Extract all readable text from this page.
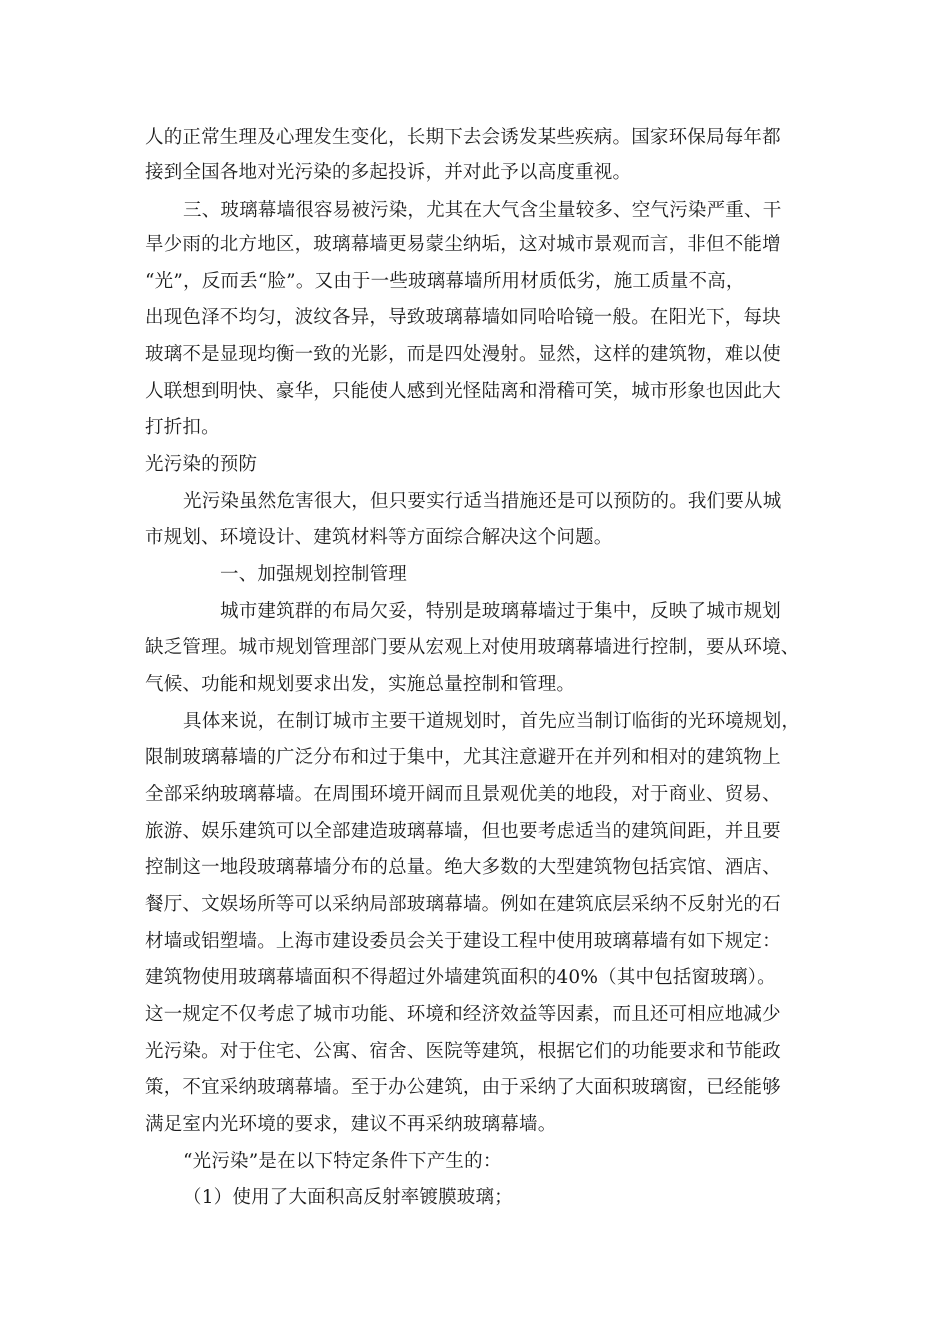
人的正常生理及心理发生变化，长期下去会诱发某些疾病。国家环保局每年都
接到全国各地对光污染的多起投诉，并对此予以高度重视。
三、玻璃幕墙很容易被污染，尤其在大气含尘量较多、空气污染严重、干
旱少雨的北方地区，玻璃幕墙更易蒙尘纳垢，这对城市景观而言，非但不能增
“光”，反而丢“脸”。又由于一些玻璃幕墙所用材质低劣，施工质量不高，
出现色泽不均匀，波纹各异，导致玻璃幕墙如同哈哈镜一般。在阳光下，每块
玻璃不是显现均衡一致的光影，而是四处漫射。显然，这样的建筑物，难以使
人联想到明快、豪华，只能使人感到光怪陆离和滑稽可笑，城市形象也因此大
打折扣。
光污染的预防
光污染虽然危害很大，但只要实行适当措施还是可以预防的。我们要从城
市规划、环境设计、建筑材料等方面综合解决这个问题。
一、加强规划控制管理
城市建筑群的布局欠妥，特别是玻璃幕墙过于集中，反映了城市规划
缺乏管理。城市规划管理部门要从宏观上对使用玻璃幕墙进行控制，要从环境、
气候、功能和规划要求出发，实施总量控制和管理。
具体来说，在制订城市主要干道规划时，首先应当制订临街的光环境规划，
限制玻璃幕墙的广泛分布和过于集中，尤其注意避开在并列和相对的建筑物上
全部采纳玻璃幕墙。在周围环境开阔而且景观优美的地段，对于商业、贸易、
旅游、娱乐建筑可以全部建造玻璃幕墙，但也要考虑适当的建筑间距，并且要
控制这一地段玻璃幕墙分布的总量。绝大多数的大型建筑物包括宾馆、酒店、
餐厅、文娱场所等可以采纳局部玻璃幕墙。例如在建筑底层采纳不反射光的石
材墙或铝塑墙。上海市建设委员会关于建设工程中使用玻璃幕墙有如下规定：
建筑物使用玻璃幕墙面积不得超过外墙建筑面积的40%（其中包括窗玻璃）。
这一规定不仅考虑了城市功能、环境和经济效益等因素，而且还可相应地减少
光污染。对于住宅、公寓、宿舍、医院等建筑，根据它们的功能要求和节能政
策，不宜采纳玻璃幕墙。至于办公建筑，由于采纳了大面积玻璃窗，已经能够
满足室内光环境的要求，建议不再采纳玻璃幕墙。
“光污染”是在以下特定条件下产生的：
（1）使用了大面积高反射率镀膜玻璃；
